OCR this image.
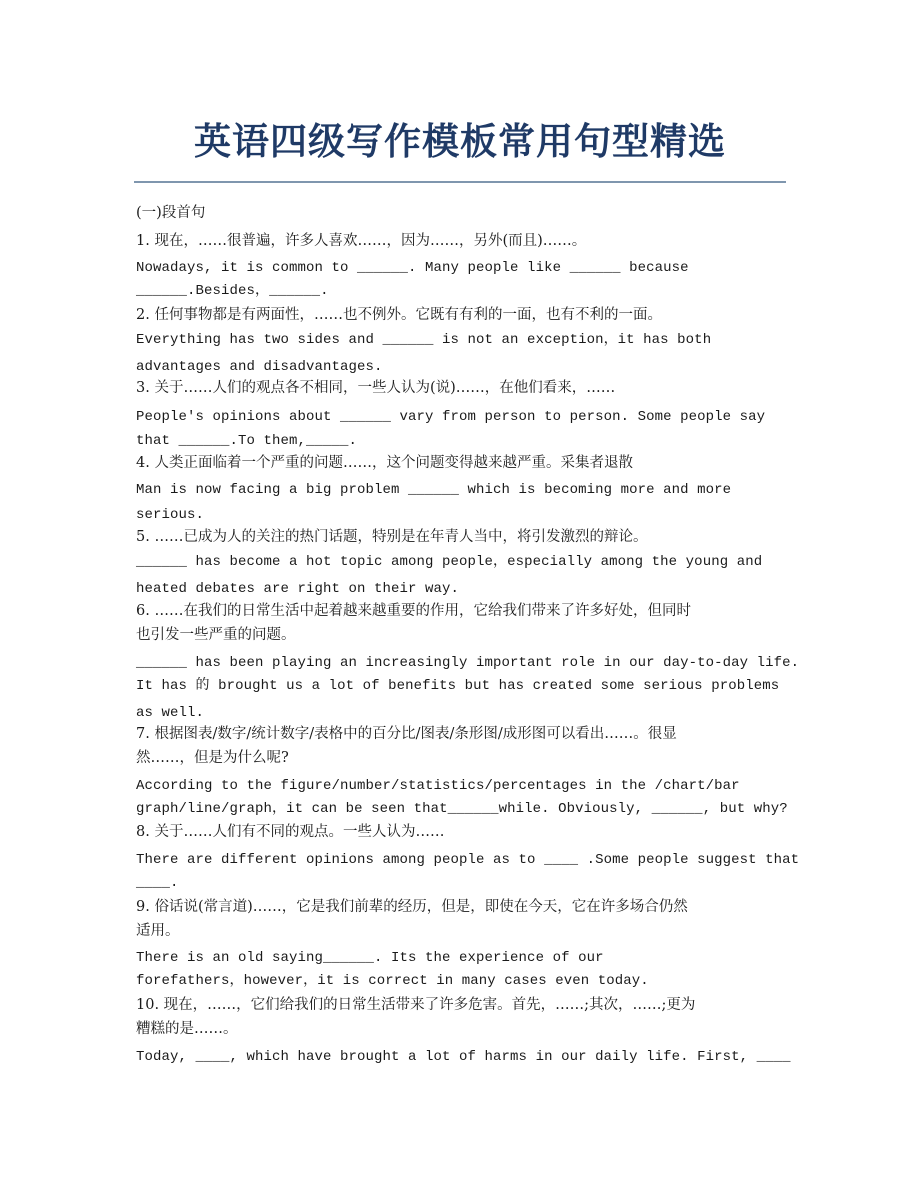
英语四级写作模板常用句型精选
(一)段首句
1. 现在，……很普遍，许多人喜欢……，因为……，另外(而且)……。
Nowadays, it is common to ______. Many people like ______ because
______.Besides，______.
2. 任何事物都是有两面性，……也不例外。它既有有利的一面，也有不利的一面。
Everything has two sides and ______ is not an exception，it has both
advantages and disadvantages.
3. 关于……人们的观点各不相同，一些人认为(说)……，在他们看来，……
People's opinions about ______ vary from person to person. Some people say
that ______.To them,_____.
4. 人类正面临着一个严重的问题……，这个问题变得越来越严重。采集者退散
Man is now facing a big problem ______ which is becoming more and more
serious.
5. ……已成为人的关注的热门话题，特别是在年青人当中，将引发激烈的辩论。
______ has become a hot topic among people，especially among the young and
heated debates are right on their way.
6. ……在我们的日常生活中起着越来越重要的作用，它给我们带来了许多好处，但同时
也引发一些严重的问题。
______ has been playing an increasingly important role in our day-to-day life.
It has 的 brought us a lot of benefits but has created some serious problems
as well.
7. 根据图表/数字/统计数字/表格中的百分比/图表/条形图/成形图可以看出……。很显
然……，但是为什么呢?
According to the figure/number/statistics/percentages in the /chart/bar
graph/line/graph，it can be seen that______while. Obviously, ______, but why?
8. 关于……人们有不同的观点。一些人认为……
There are different opinions among people as to ____ .Some people suggest that
____.
9. 俗话说(常言道)……，它是我们前辈的经历，但是，即使在今天，它在许多场合仍然
适用。
There is an old saying______. Its the experience of our
forefathers，however，it is correct in many cases even today.
10. 现在，……，它们给我们的日常生活带来了许多危害。首先，……;其次，……;更为
糟糕的是……。
Today, ____, which have brought a lot of harms in our daily life. First, ____
